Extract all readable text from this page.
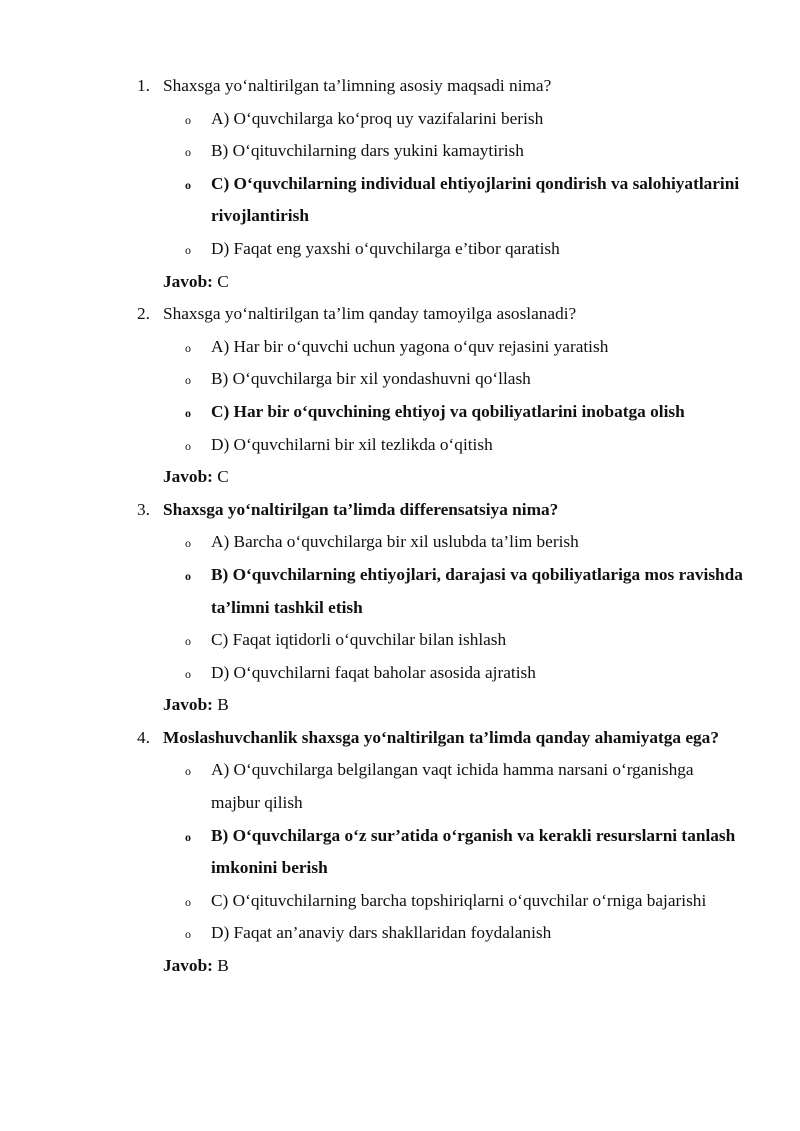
1. Shaxsga yo‘naltirilgan ta’limning asosiy maqsadi nima?
o A) O‘quvchilarga ko‘proq uy vazifalarini berish
o B) O‘qituvchilarning dars yukini kamaytirish
o C) O‘quvchilarning individual ehtiyojlarini qondirish va salohiyatlarini rivojlantirish
o D) Faqat eng yaxshi o‘quvchilarga e’tibor qaratish
Javob: C
2. Shaxsga yo‘naltirilgan ta’lim qanday tamoyilga asoslanadi?
o A) Har bir o‘quvchi uchun yagona o‘quv rejasini yaratish
o B) O‘quvchilarga bir xil yondashuvni qo‘llash
o C) Har bir o‘quvchining ehtiyoj va qobiliyatlarini inobatga olish
o D) O‘quvchilarni bir xil tezlikda o‘qitish
Javob: C
3. Shaxsga yo‘naltirilgan ta’limda differensatsiya nima?
o A) Barcha o‘quvchilarga bir xil uslubda ta’lim berish
o B) O‘quvchilarning ehtiyojlari, darajasi va qobiliyatlariga mos ravishda ta’limni tashkil etish
o C) Faqat iqtidorli o‘quvchilar bilan ishlash
o D) O‘quvchilarni faqat baholar asosida ajratish
Javob: B
4. Moslashuvchanlik shaxsga yo‘naltirilgan ta’limda qanday ahamiyatga ega?
o A) O‘quvchilarga belgilangan vaqt ichida hamma narsani o‘rganishga majbur qilish
o B) O‘quvchilarga o‘z sur’atida o‘rganish va kerakli resurslarni tanlash imkonini berish
o C) O‘qituvchilarning barcha topshiriqlarni o‘quvchilar o‘rniga bajarishi
o D) Faqat an’anaviy dars shakllaridan foydalanish
Javob: B
